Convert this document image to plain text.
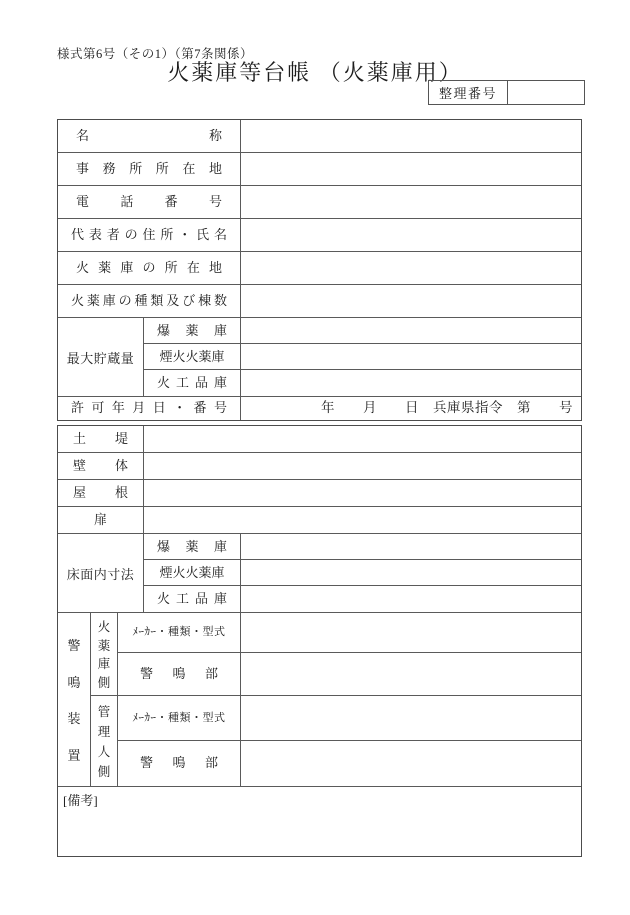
様式第6号（その1）（第7条関係）
火薬庫等台帳 （火薬庫用）
整理番号
名称
事務所所在地
電話番号
代表者の住所・氏名
火薬庫の所在地
火薬庫の種類及び棟数
最大貯蔵量
爆薬庫
煙火火薬庫
火工品庫
許可年月日・番号	年　　月　　日　兵庫県指令　第　　号
土堤
壁体
屋根
扉
床面内寸法
爆薬庫
煙火火薬庫
火工品庫
警
鳴
装
置
火
薬
庫
側
ﾒｰｶｰ・種類・型式
警鳴部
管
理
人
側
ﾒｰｶｰ・種類・型式
警鳴部
[備考]
